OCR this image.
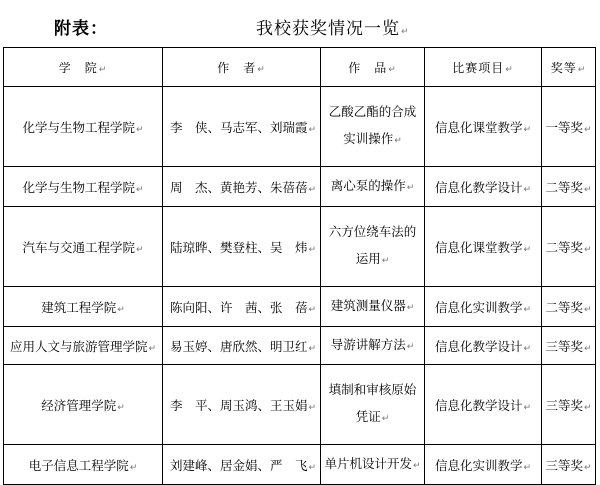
附表：	我校获奖情况一览↵
学　院↵	作　者↵	作　品↵	比赛项目↵	奖等↵
化学与生物工程学院↵	李　侠、马志军、刘瑞霞↵	乙酸乙酯的合成实训操作↵	信息化课堂教学↵	一等奖↵
化学与生物工程学院↵	周　杰、黄艳芳、朱蓓蓓↵	离心泵的操作↵	信息化教学设计↵	二等奖↵
汽车与交通工程学院↵	陆琼晔、樊登柱、吴　炜↵	六方位绕车法的运用↵	信息化课堂教学↵	二等奖↵
建筑工程学院↵	陈向阳、许　茜、张　蓓↵	建筑测量仪器↵	信息化实训教学↵	二等奖↵
应用人文与旅游管理学院↵	易玉婷、唐欣然、明卫红↵	导游讲解方法↵	信息化教学设计↵	三等奖↵
经济管理学院↵	李　平、周玉鸿、王玉娟↵	填制和审核原始凭证↵	信息化教学设计↵	三等奖↵
电子信息工程学院↵	刘建峰、居金娟、严　飞↵	单片机设计开发↵	信息化实训教学↵	三等奖↵
